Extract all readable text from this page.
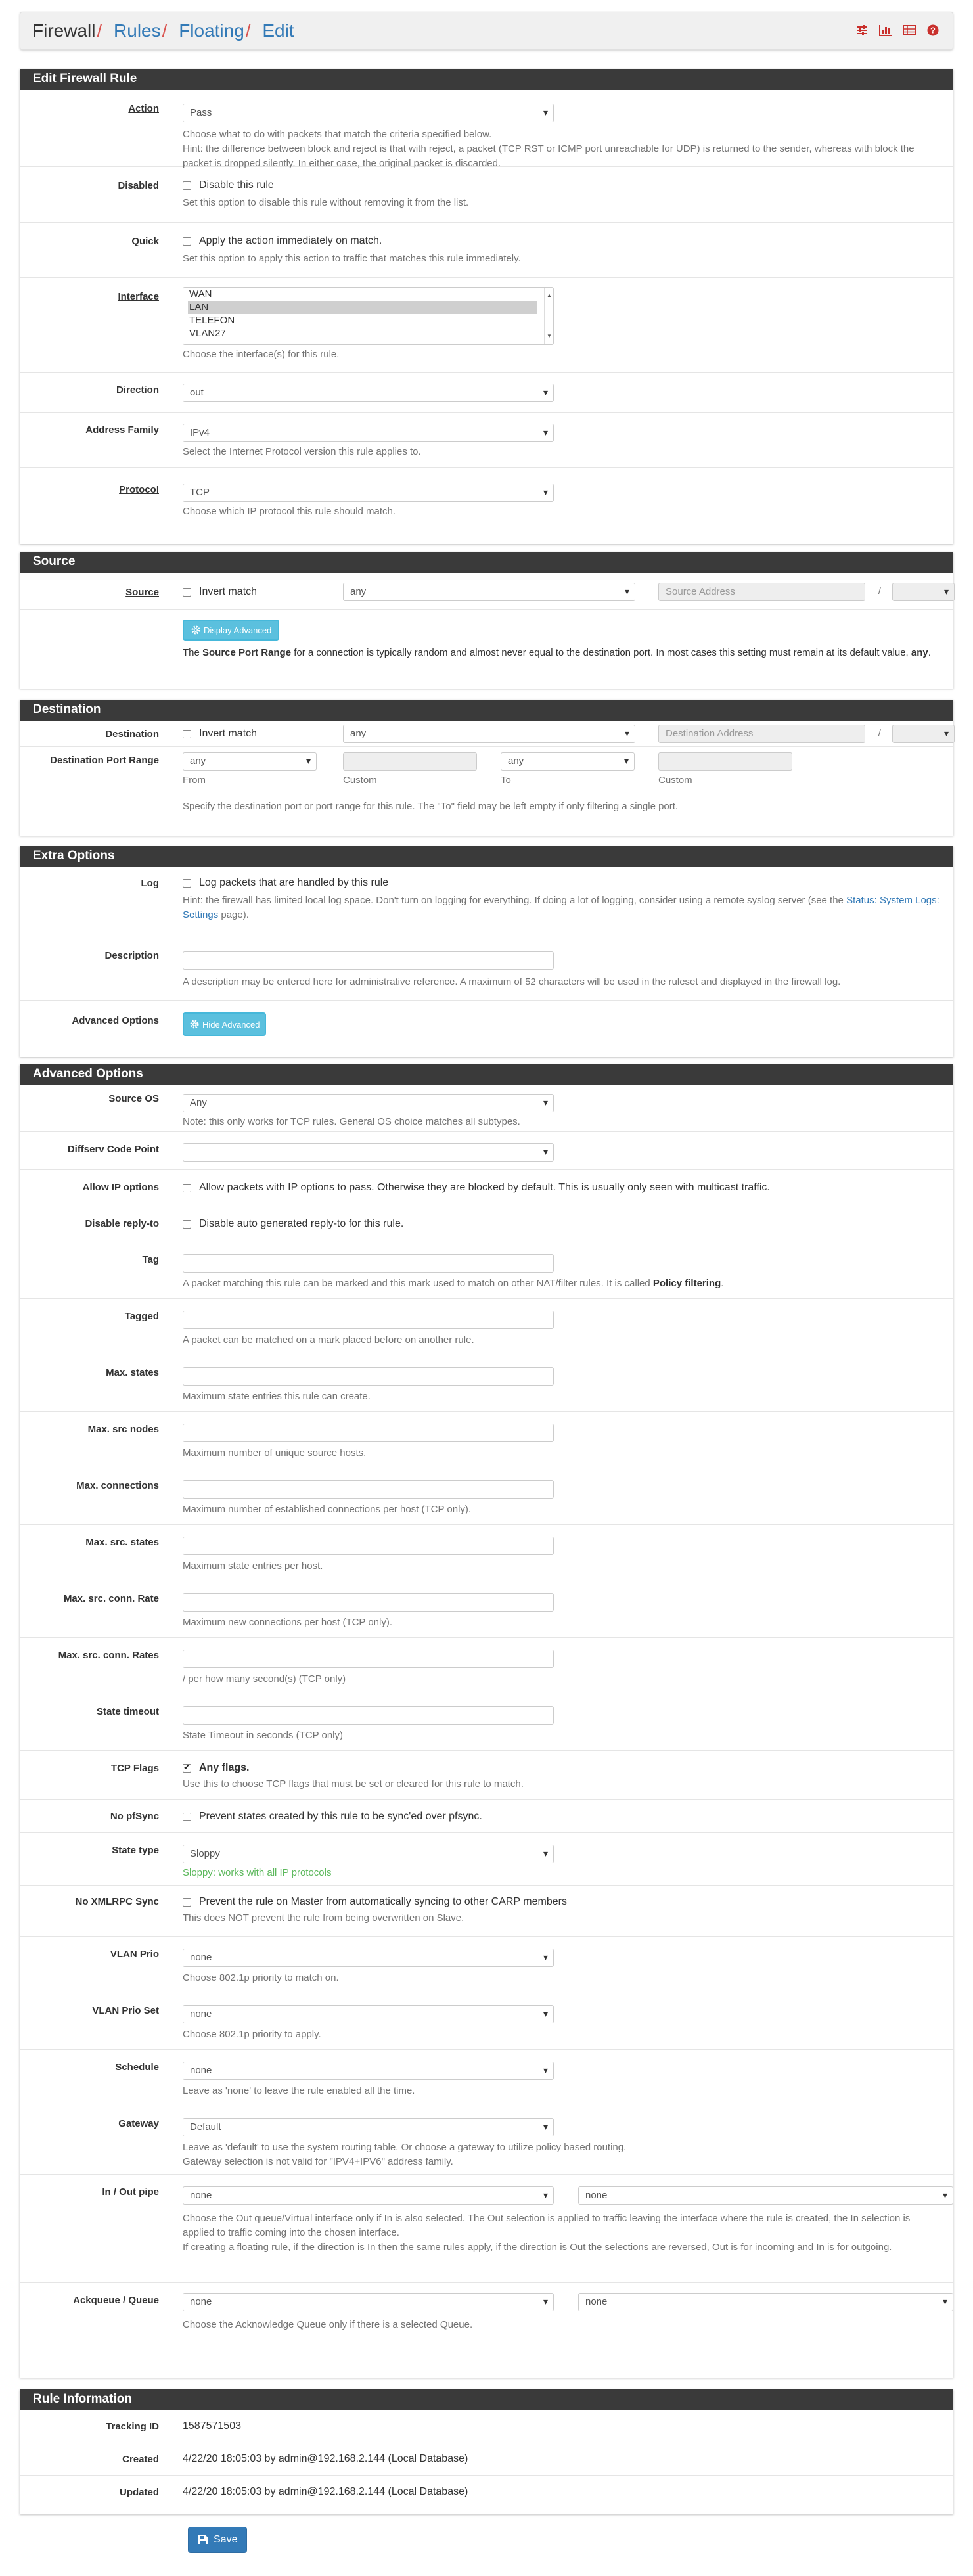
Firewall/ Rules/ Floating/ Edit	?
Edit Firewall Rule
Action	Pass ▾
Choose what to do with packets that match the criteria specified below.
Hint: the difference between block and reject is that with reject, a packet (TCP RST or ICMP port unreachable for UDP) is returned to the sender, whereas with block the packet is dropped silently. In either case, the original packet is discarded.
Disabled	Disable this rule
Set this option to disable this rule without removing it from the list.
Quick	Apply the action immediately on match.
Set this option to apply this action to traffic that matches this rule immediately.
Interface	WAN
LAN
TELEFON
VLAN27
▲
▼
Choose the interface(s) for this rule.
Direction	out ▾
Address Family	IPv4 ▾
Select the Internet Protocol version this rule applies to.
Protocol	TCP ▾
Choose which IP protocol this rule should match.
Source
Source	Invert match	any ▾	Source Address	/
▾
Display Advanced
The Source Port Range for a connection is typically random and almost never equal to the destination port. In most cases this setting must remain at its default value, any.
Destination
Destination	Invert match	any ▾	Destination Address	/
▾
Destination Port Range	any ▾	any ▾
From	Custom	To	Custom
Specify the destination port or port range for this rule. The "To" field may be left empty if only filtering a single port.
Extra Options
Log	Log packets that are handled by this rule
Hint: the firewall has limited local log space. Don't turn on logging for everything. If doing a lot of logging, consider using a remote syslog server (see the Status: System Logs: Settings page).
Description
A description may be entered here for administrative reference. A maximum of 52 characters will be used in the ruleset and displayed in the firewall log.
Advanced Options	Hide Advanced
Advanced Options
Source OS	Any ▾
Note: this only works for TCP rules. General OS choice matches all subtypes.
Diffserv Code Point
▾
Allow IP options	Allow packets with IP options to pass. Otherwise they are blocked by default. This is usually only seen with multicast traffic.
Disable reply-to	Disable auto generated reply-to for this rule.
Tag
A packet matching this rule can be marked and this mark used to match on other NAT/filter rules. It is called Policy filtering.
Tagged
A packet can be matched on a mark placed before on another rule.
Max. states
Maximum state entries this rule can create.
Max. src nodes
Maximum number of unique source hosts.
Max. connections
Maximum number of established connections per host (TCP only).
Max. src. states
Maximum state entries per host.
Max. src. conn. Rate
Maximum new connections per host (TCP only).
Max. src. conn. Rates
/ per how many second(s) (TCP only)
State timeout
State Timeout in seconds (TCP only)
TCP Flags
✔	Any flags.
Use this to choose TCP flags that must be set or cleared for this rule to match.
No pfSync	Prevent states created by this rule to be sync'ed over pfsync.
State type	Sloppy ▾
Sloppy: works with all IP protocols
No XMLRPC Sync	Prevent the rule on Master from automatically syncing to other CARP members
This does NOT prevent the rule from being overwritten on Slave.
VLAN Prio	none ▾
Choose 802.1p priority to match on.
VLAN Prio Set	none ▾
Choose 802.1p priority to apply.
Schedule	none ▾
Leave as 'none' to leave the rule enabled all the time.
Gateway	Default ▾
Leave as 'default' to use the system routing table. Or choose a gateway to utilize policy based routing.
Gateway selection is not valid for "IPV4+IPV6" address family.
In / Out pipe	none ▾	none ▾
Choose the Out queue/Virtual interface only if In is also selected. The Out selection is applied to traffic leaving the interface where the rule is created, the In selection is applied to traffic coming into the chosen interface.
If creating a floating rule, if the direction is In then the same rules apply, if the direction is Out the selections are reversed, Out is for incoming and In is for outgoing.
Ackqueue / Queue	none ▾	none ▾
Choose the Acknowledge Queue only if there is a selected Queue.
Rule Information
Tracking ID 1587571503
Created 4/22/20 18:05:03 by admin@192.168.2.144 (Local Database)
Updated 4/22/20 18:05:03 by admin@192.168.2.144 (Local Database)
Save
